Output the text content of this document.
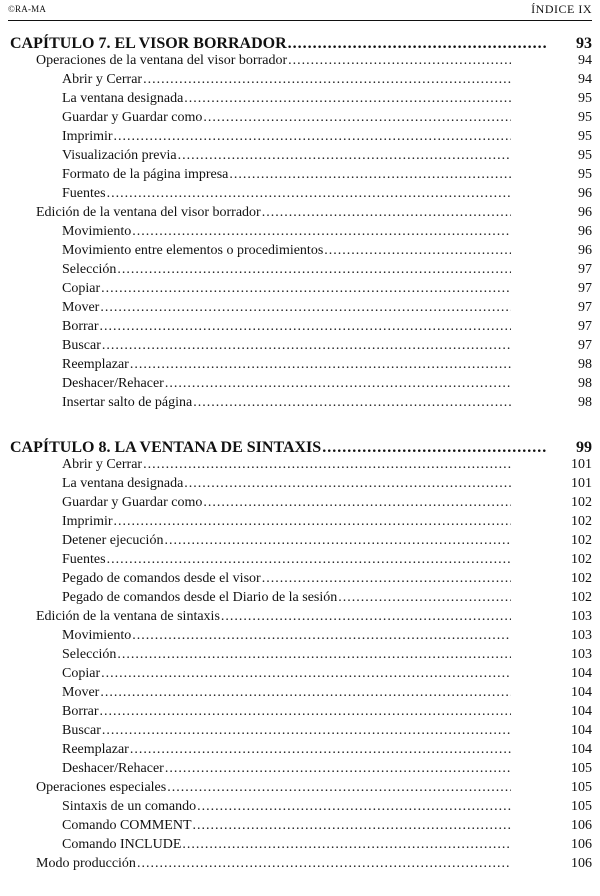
©RA-MA	ÍNDICE IX
CAPÍTULO 7. EL VISOR BORRADOR .....	93
Operaciones de la ventana del visor borrador .....	94
Abrir y Cerrar .....	94
La ventana designada .....	95
Guardar y Guardar como .....	95
Imprimir .....	95
Visualización previa .....	95
Formato de la página impresa .....	95
Fuentes .....	96
Edición de la ventana del visor borrador .....	96
Movimiento .....	96
Movimiento entre elementos o procedimientos .....	96
Selección .....	97
Copiar .....	97
Mover .....	97
Borrar .....	97
Buscar .....	97
Reemplazar .....	98
Deshacer/Rehacer .....	98
Insertar salto de página .....	98
CAPÍTULO 8. LA VENTANA DE SINTAXIS .....	99
.....
Abrir y Cerrar .....	101
La ventana designada .....	101
Guardar y Guardar como .....	102
Imprimir .....	102
Detener ejecución .....	102
Fuentes .....	102
Pegado de comandos desde el visor .....	102
Pegado de comandos desde el Diario de la sesión .....	102
Edición de la ventana de sintaxis .....	103
Movimiento .....	103
Selección .....	103
Copiar .....	104
Mover .....	104
Borrar .....	104
Buscar .....	104
Reemplazar .....	104
Deshacer/Rehacer .....	105
Operaciones especiales .....	105
Sintaxis de un comando .....	105
Comando COMMENT .....	106
Comando INCLUDE .....	106
Modo producción .....	106
